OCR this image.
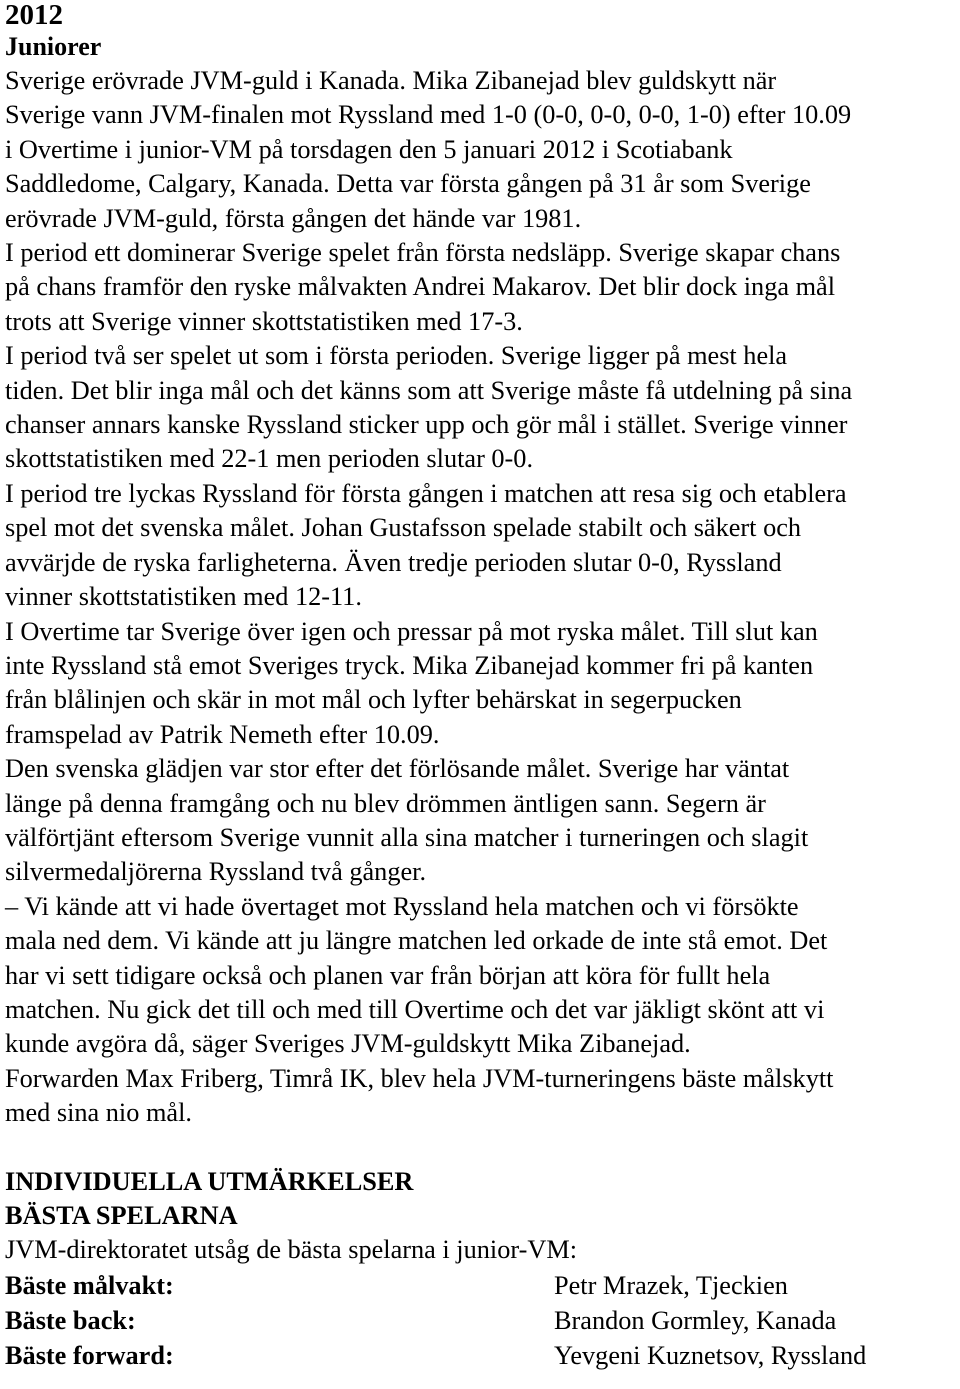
2012
Juniorer
Sverige erövrade JVM-guld i Kanada. Mika Zibanejad blev guldskytt när
Sverige vann JVM-finalen mot Ryssland med 1-0 (0-0, 0-0, 0-0, 1-0) efter 10.09
i Overtime i junior-VM på torsdagen den 5 januari 2012 i Scotiabank
Saddledome, Calgary, Kanada. Detta var första gången på 31 år som Sverige
erövrade JVM-guld, första gången det hände var 1981.
I period ett dominerar Sverige spelet från första nedsläpp. Sverige skapar chans
på chans framför den ryske målvakten Andrei Makarov. Det blir dock inga mål
trots att Sverige vinner skottstatistiken med 17-3.
I period två ser spelet ut som i första perioden. Sverige ligger på mest hela
tiden. Det blir inga mål och det känns som att Sverige måste få utdelning på sina
chanser annars kanske Ryssland sticker upp och gör mål i stället. Sverige vinner
skottstatistiken med 22-1 men perioden slutar 0-0.
I period tre lyckas Ryssland för första gången i matchen att resa sig och etablera
spel mot det svenska målet. Johan Gustafsson spelade stabilt och säkert och
avvärjde de ryska farligheterna. Även tredje perioden slutar 0-0, Ryssland
vinner skottstatistiken med 12-11.
I Overtime tar Sverige över igen och pressar på mot ryska målet. Till slut kan
inte Ryssland stå emot Sveriges tryck. Mika Zibanejad kommer fri på kanten
från blålinjen och skär in mot mål och lyfter behärskat in segerpucken
framspelad av Patrik Nemeth efter 10.09.
Den svenska glädjen var stor efter det förlösande målet. Sverige har väntat
länge på denna framgång och nu blev drömmen äntligen sann. Segern är
välförtjänt eftersom Sverige vunnit alla sina matcher i turneringen och slagit
silvermedaljörerna Ryssland två gånger.
– Vi kände att vi hade övertaget mot Ryssland hela matchen och vi försökte
mala ned dem. Vi kände att ju längre matchen led orkade de inte stå emot. Det
har vi sett tidigare också och planen var från början att köra för fullt hela
matchen. Nu gick det till och med till Overtime och det var jäkligt skönt att vi
kunde avgöra då, säger Sveriges JVM-guldskytt Mika Zibanejad.
Forwarden Max Friberg, Timrå IK, blev hela JVM-turneringens bäste målskytt
med sina nio mål.
INDIVIDUELLA UTMÄRKELSER
BÄSTA SPELARNA
JVM-direktoratet utsåg de bästa spelarna i junior-VM:
Bäste målvakt:	Petr Mrazek, Tjeckien
Bäste back:	Brandon Gormley, Kanada
Bäste forward:	Yevgeni Kuznetsov, Ryssland
